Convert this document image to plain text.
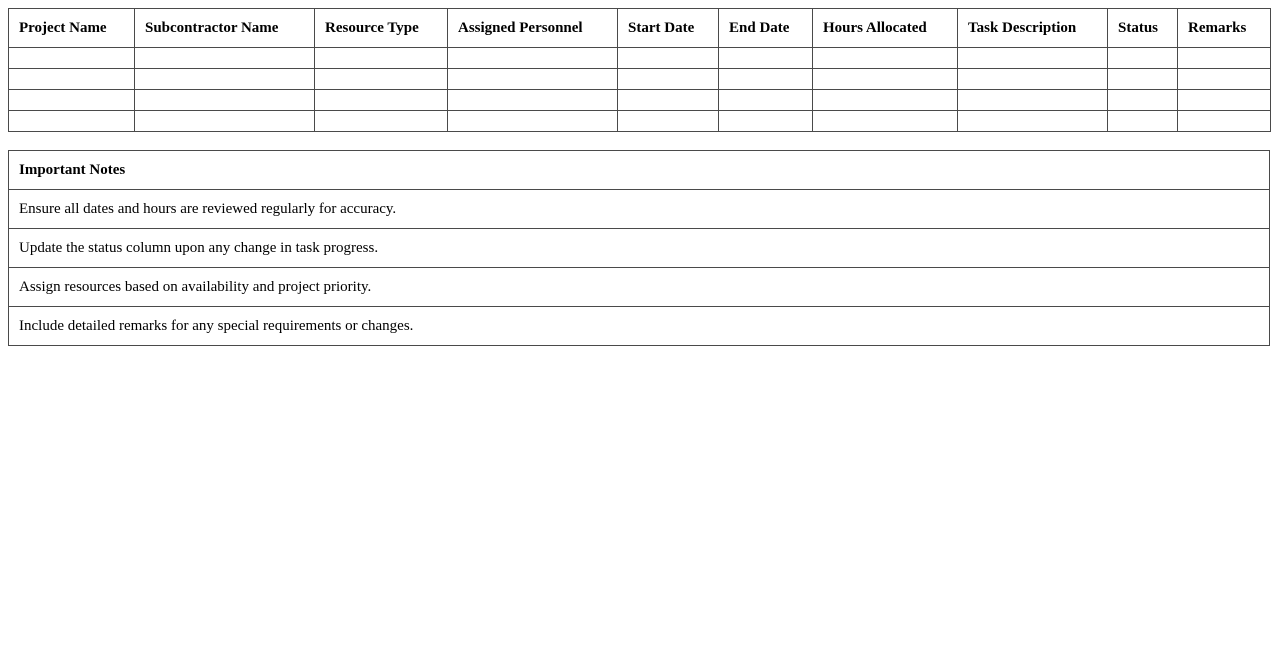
Project Name	Subcontractor Name	Resource Type	Assigned Personnel	Start Date	End Date	Hours Allocated	Task Description	Status	Remarks

Important Notes
Ensure all dates and hours are reviewed regularly for accuracy.
Update the status column upon any change in task progress.
Assign resources based on availability and project priority.
Include detailed remarks for any special requirements or changes.
